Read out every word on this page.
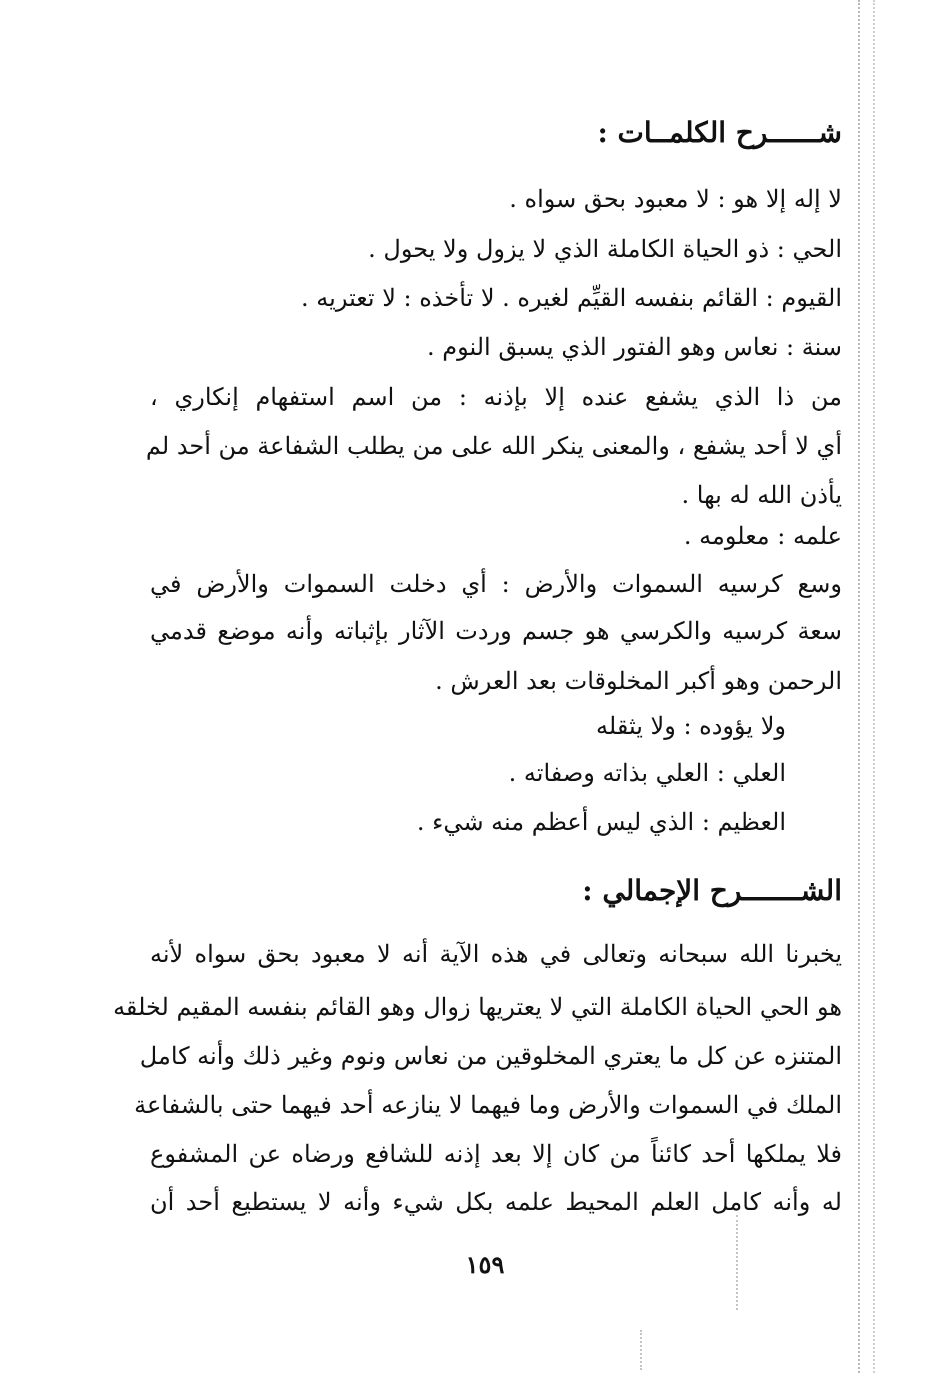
شــــــرح الكلمــات :
لا إله إلا هو : لا معبود بحق سواه .
الحي : ذو الحياة الكاملة الذي لا يزول ولا يحول .
القيوم : القائم بنفسه القيِّم لغيره . لا تأخذه : لا تعتريه .
سنة : نعاس وهو الفتور الذي يسبق النوم .
من ذا الذي يشفع عنده إلا بإذنه : من اسم استفهام إنكاري ،
أي لا أحد يشفع ، والمعنى ينكر الله على من يطلب الشفاعة من أحد لم
يأذن الله له بها .
علمه : معلومه .
وسع كرسيه السموات والأرض : أي دخلت السموات والأرض في
سعة كرسيه والكرسي هو جسم وردت الآثار بإثباته وأنه موضع قدمي
الرحمن وهو أكبر المخلوقات بعد العرش .
ولا يؤوده : ولا يثقله
العلي : العلي بذاته وصفاته .
العظيم : الذي ليس أعظم منه شيء .
الشـــــــرح الإجمالي :
يخبرنا الله سبحانه وتعالى في هذه الآية أنه لا معبود بحق سواه لأنه
هو الحي الحياة الكاملة التي لا يعتريها زوال وهو القائم بنفسه المقيم لخلقه
المتنزه عن كل ما يعتري المخلوقين من نعاس ونوم وغير ذلك وأنه كامل
الملك في السموات والأرض وما فيهما لا ينازعه أحد فيهما حتى بالشفاعة
فلا يملكها أحد كائناً من كان إلا بعد إذنه للشافع ورضاه عن المشفوع
له وأنه كامل العلم المحيط علمه بكل شيء وأنه لا يستطيع أحد أن
١٥٩
